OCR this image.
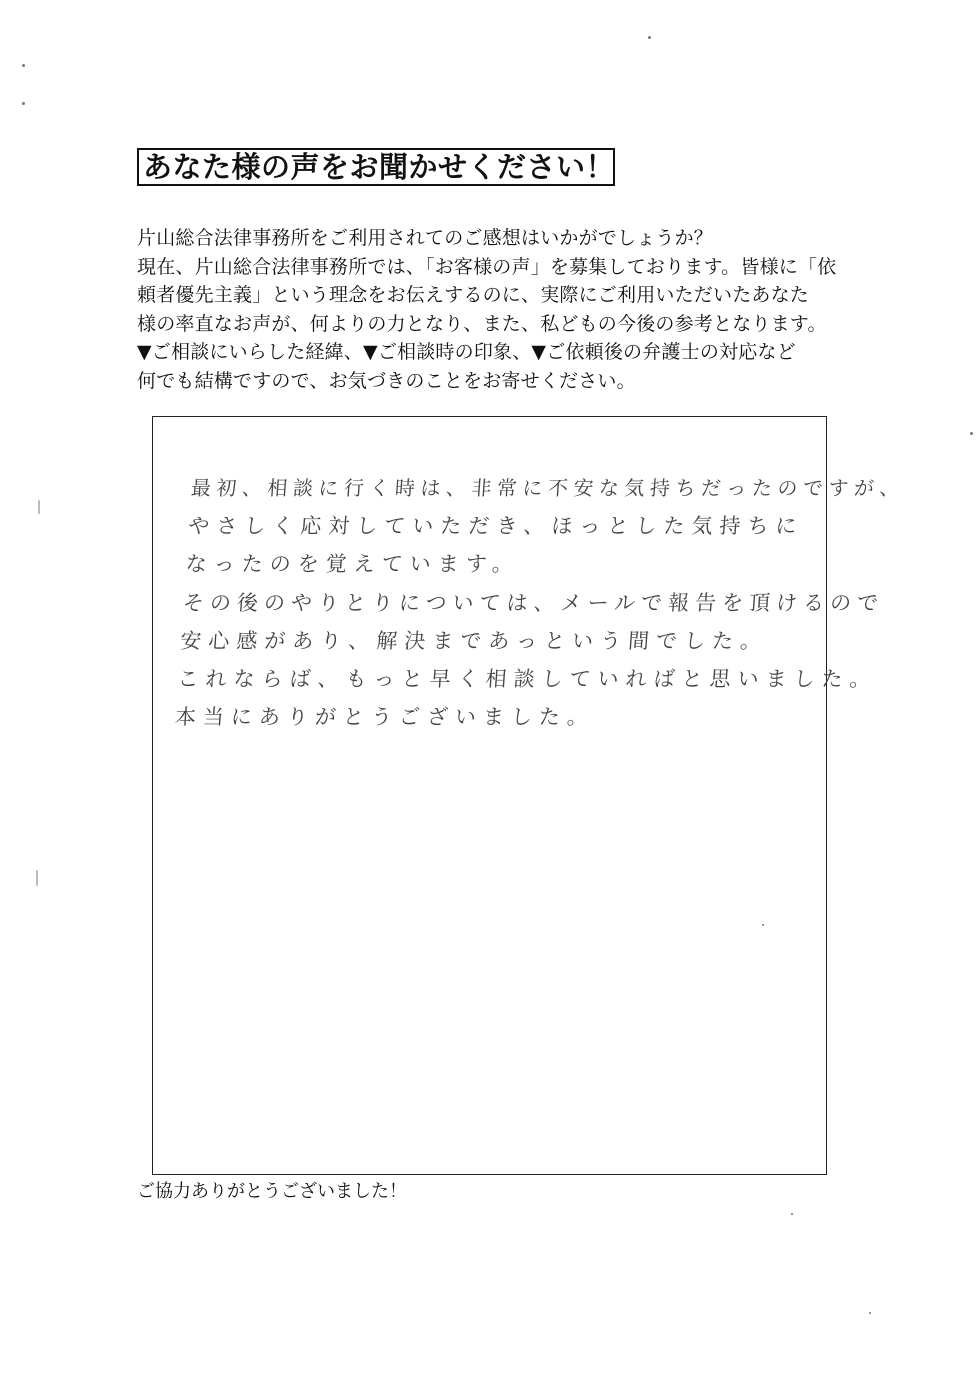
あなた様の声をお聞かせください！

片山総合法律事務所をご利用されてのご感想はいかがでしょうか？

現在、片山総合法律事務所では、「お客様の声」を募集しております。皆様に「依

頼者優先主義」という理念をお伝えするのに、実際にご利用いただいたあなた

様の率直なお声が、何よりの力となり、また、私どもの今後の参考となります。

▼ご相談にいらした経緯、▼ご相談時の印象、▼ご依頼後の弁護士の対応など

何でも結構ですので、お気づきのことをお寄せください。

最初、相談に行く時は、非常に不安な気持ちだったのですが、

やさしく応対していただき、ほっとした気持ちに

なったのを覚えています。

その後のやりとりについては、メールで報告を頂けるので

安心感があり、解決まであっという間でした。

これならば、もっと早く相談していればと思いました。

本当にありがとうございました。

ご協力ありがとうございました！
